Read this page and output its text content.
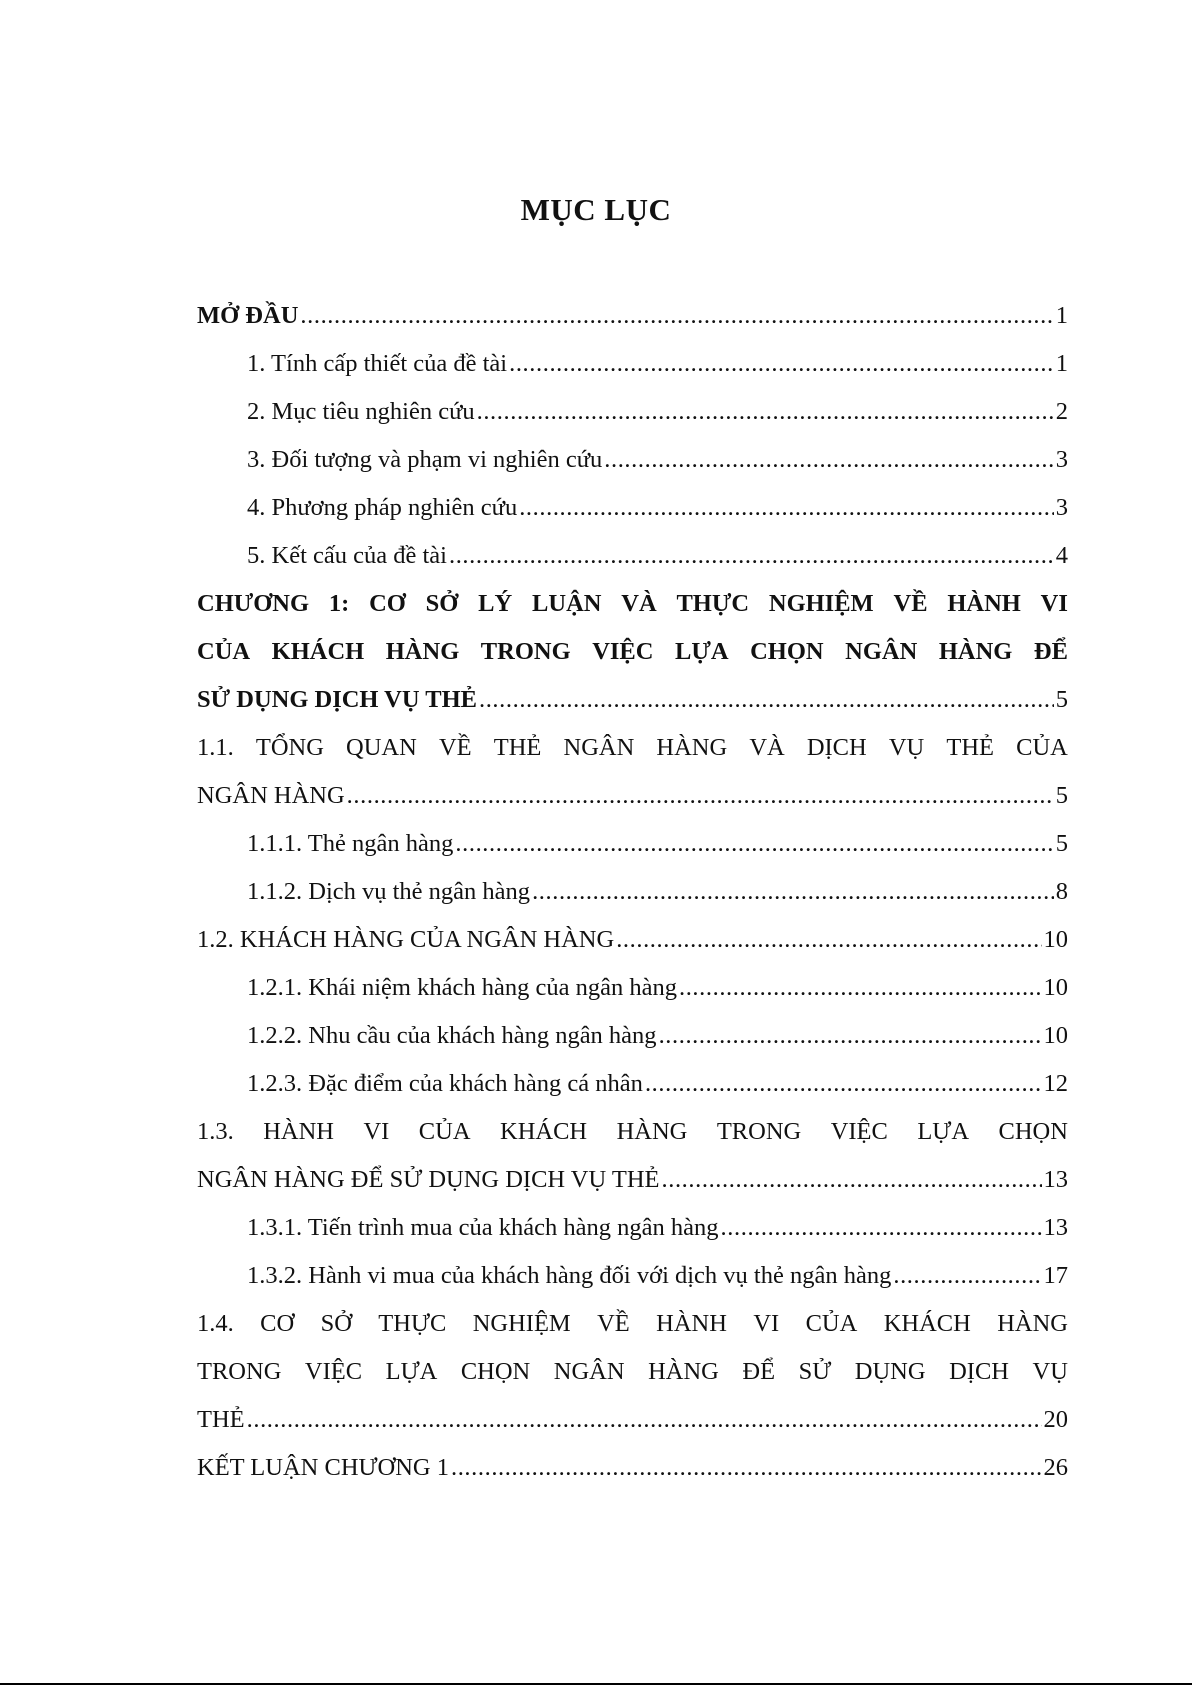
MỤC LỤC
MỞ ĐẦU .....	1
1. Tính cấp thiết của đề tài .....	1
2. Mục tiêu nghiên cứu .....	2
3. Đối tượng và phạm vi nghiên cứu .....	3
4. Phương pháp nghiên cứu .....	3
5. Kết cấu của đề tài .....	4
CHƯƠNG 1: CƠ SỞ LÝ LUẬN VÀ THỰC NGHIỆM VỀ HÀNH VI
CỦA KHÁCH HÀNG TRONG VIỆC LỰA CHỌN NGÂN HÀNG ĐỂ
SỬ DỤNG DỊCH VỤ THẺ .....	5
1.1. TỔNG QUAN VỀ THẺ NGÂN HÀNG VÀ DỊCH VỤ THẺ CỦA
NGÂN HÀNG .....	5
1.1.1. Thẻ ngân hàng .....	5
1.1.2. Dịch vụ thẻ ngân hàng .....	8
1.2. KHÁCH HÀNG CỦA NGÂN HÀNG .....	10
1.2.1. Khái niệm khách hàng của ngân hàng .....	10
1.2.2. Nhu cầu của khách hàng ngân hàng .....	10
1.2.3. Đặc điểm của khách hàng cá nhân .....	12
1.3. HÀNH VI CỦA KHÁCH HÀNG TRONG VIỆC LỰA CHỌN
NGÂN HÀNG ĐỂ SỬ DỤNG DỊCH VỤ THẺ .....	13
1.3.1. Tiến trình mua của khách hàng ngân hàng .....	13
1.3.2. Hành vi mua của khách hàng đối với dịch vụ thẻ ngân hàng .....	17
1.4. CƠ SỞ THỰC NGHIỆM VỀ HÀNH VI CỦA KHÁCH HÀNG
TRONG VIỆC LỰA CHỌN NGÂN HÀNG ĐỂ SỬ DỤNG DỊCH VỤ
THẺ .....	20
KẾT LUẬN CHƯƠNG 1 .....	26
